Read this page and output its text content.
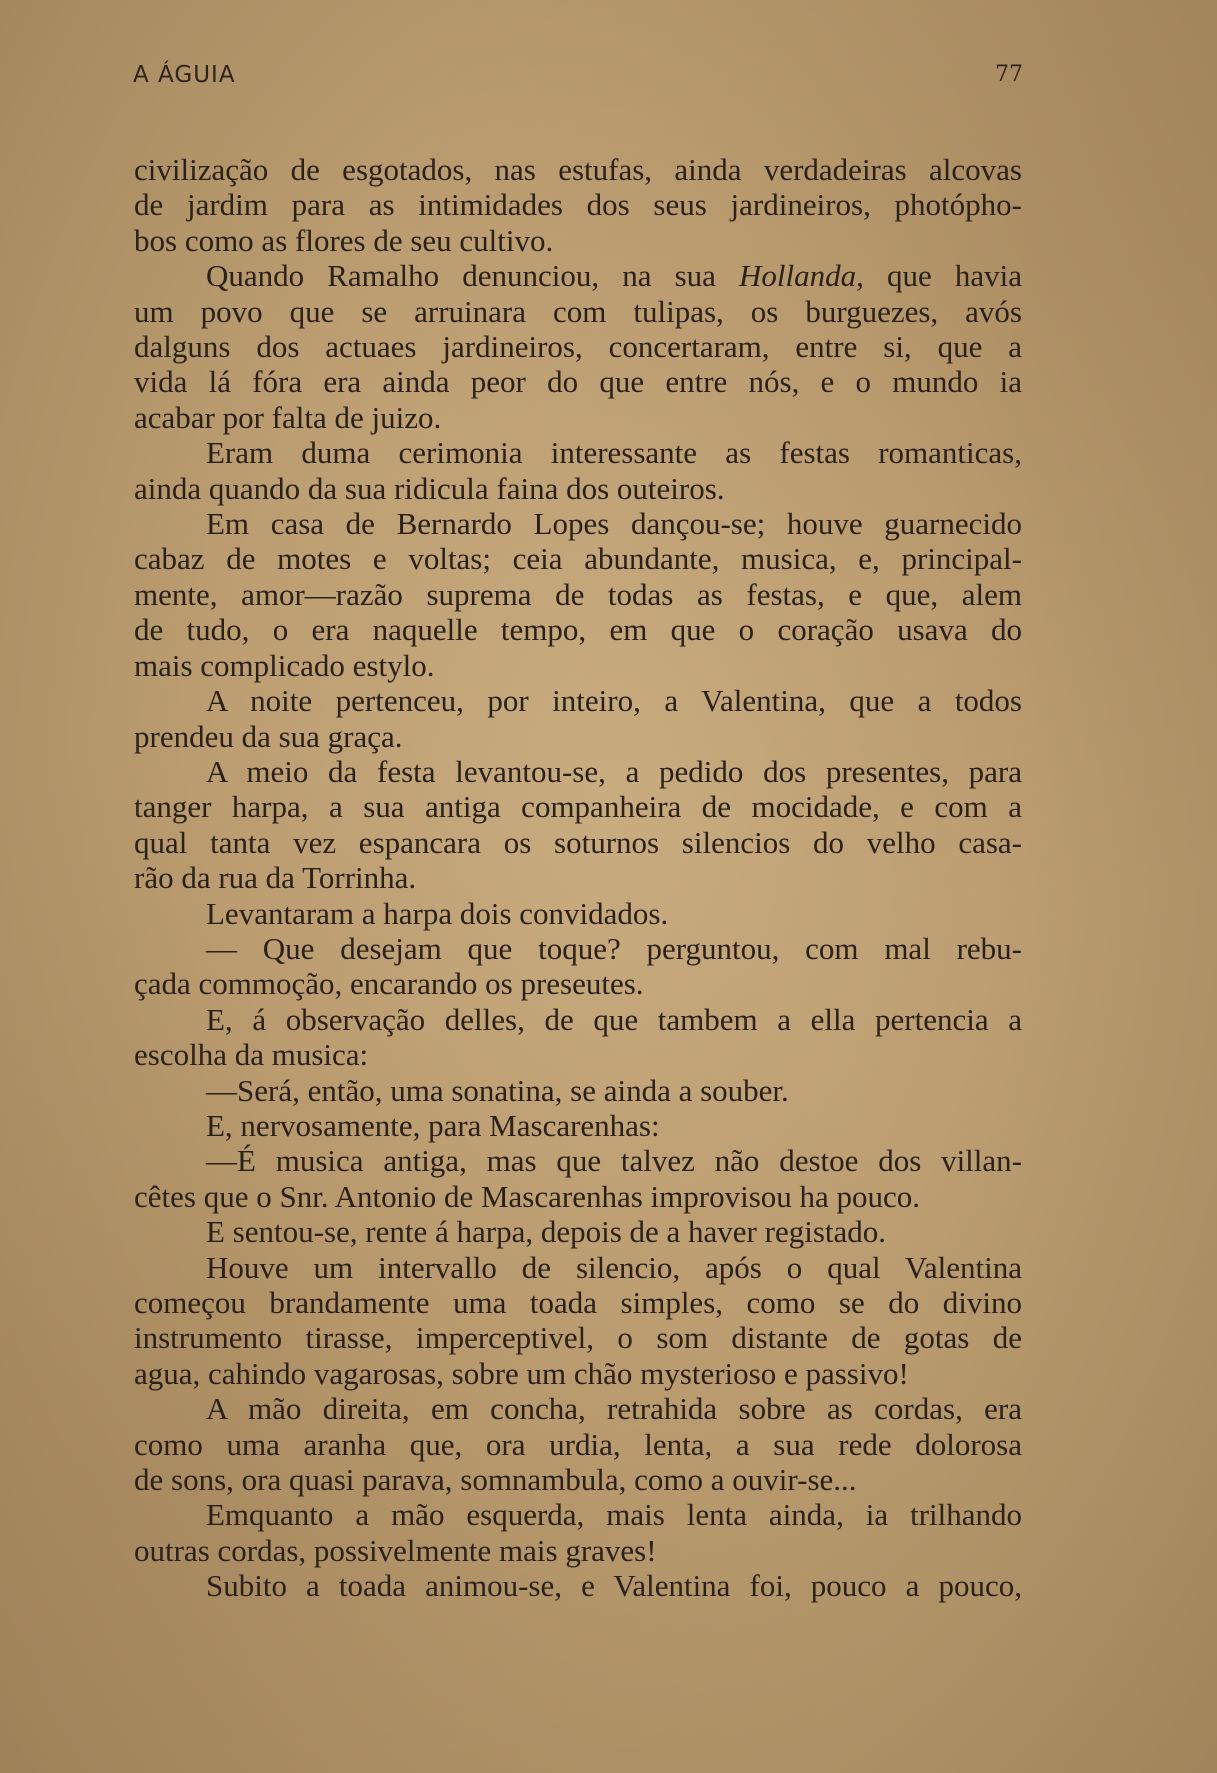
A ÁGUIA	77
civilização de esgotados, nas estufas, ainda verdadeiras alcovas
de jardim para as intimidades dos seus jardineiros, photópho-
bos como as flores de seu cultivo.
Quando Ramalho denunciou, na sua Hollanda, que havia
um povo que se arruinara com tulipas, os burguezes, avós
dalguns dos actuaes jardineiros, concertaram, entre si, que a
vida lá fóra era ainda peor do que entre nós, e o mundo ia
acabar por falta de juizo.
Eram duma cerimonia interessante as festas romanticas,
ainda quando da sua ridicula faina dos outeiros.
Em casa de Bernardo Lopes dançou-se; houve guarnecido
cabaz de motes e voltas; ceia abundante, musica, e, principal-
mente, amor—razão suprema de todas as festas, e que, alem
de tudo, o era naquelle tempo, em que o coração usava do
mais complicado estylo.
A noite pertenceu, por inteiro, a Valentina, que a todos
prendeu da sua graça.
A meio da festa levantou-se, a pedido dos presentes, para
tanger harpa, a sua antiga companheira de mocidade, e com a
qual tanta vez espancara os soturnos silencios do velho casa-
rão da rua da Torrinha.
Levantaram a harpa dois convidados.
— Que desejam que toque? perguntou, com mal rebu-
çada commoção, encarando os preseutes.
E, á observação delles, de que tambem a ella pertencia a
escolha da musica:
—Será, então, uma sonatina, se ainda a souber.
E, nervosamente, para Mascarenhas:
—É musica antiga, mas que talvez não destoe dos villan-
cêtes que o Snr. Antonio de Mascarenhas improvisou ha pouco.
E sentou-se, rente á harpa, depois de a haver registado.
Houve um intervallo de silencio, após o qual Valentina
começou brandamente uma toada simples, como se do divino
instrumento tirasse, imperceptivel, o som distante de gotas de
agua, cahindo vagarosas, sobre um chão mysterioso e passivo!
A mão direita, em concha, retrahida sobre as cordas, era
como uma aranha que, ora urdia, lenta, a sua rede dolorosa
de sons, ora quasi parava, somnambula, como a ouvir-se...
Emquanto a mão esquerda, mais lenta ainda, ia trilhando
outras cordas, possivelmente mais graves!
Subito a toada animou-se, e Valentina foi, pouco a pouco,
